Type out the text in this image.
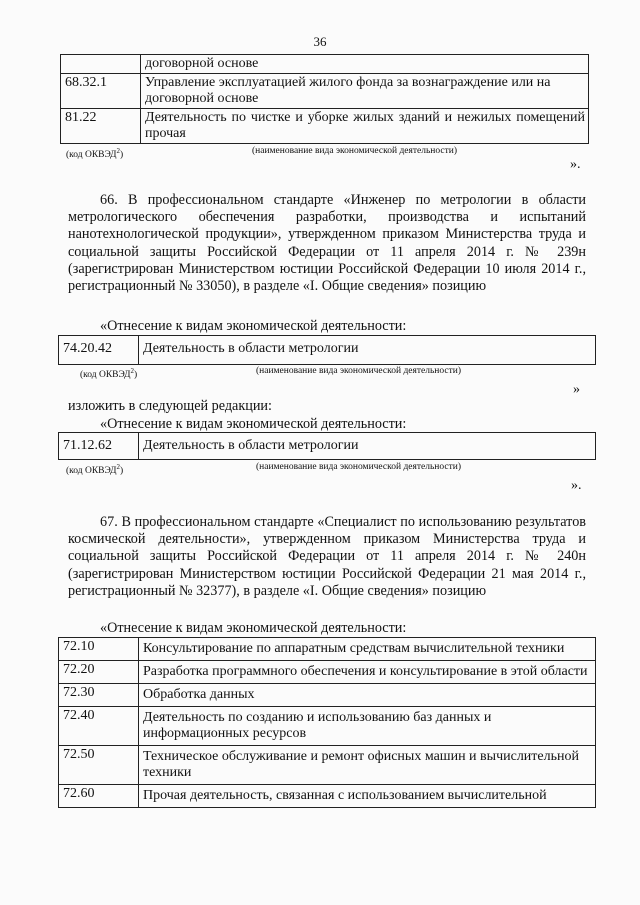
36
	договорной основе
68.32.1	Управление эксплуатацией жилого фонда за вознаграждение или на договорной основе
81.22	Деятельность по чистке и уборке жилых зданий и нежилых помещений прочая
(код ОКВЭД$^2$)	(наименование вида экономической деятельности)
».
66. В профессиональном стандарте «Инженер по метрологии в области метрологического обеспечения разработки, производства и испытаний нанотехнологической продукции», утвержденном приказом Министерства труда и социальной защиты Российской Федерации от 11 апреля 2014 г. № 239н (зарегистрирован Министерством юстиции Российской Федерации 10 июля 2014 г., регистрационный № 33050), в разделе «I. Общие сведения» позицию
«Отнесение к видам экономической деятельности:
74.20.42	Деятельность в области метрологии
(код ОКВЭД$^2$)	(наименование вида экономической деятельности)
»
изложить в следующей редакции:
«Отнесение к видам экономической деятельности:
71.12.62	Деятельность в области метрологии
(код ОКВЭД$^2$)	(наименование вида экономической деятельности)
».
67. В профессиональном стандарте «Специалист по использованию результатов космической деятельности», утвержденном приказом Министерства труда и социальной защиты Российской Федерации от 11 апреля 2014 г. № 240н (зарегистрирован Министерством юстиции Российской Федерации 21 мая 2014 г., регистрационный № 32377), в разделе «I. Общие сведения» позицию
«Отнесение к видам экономической деятельности:
72.10	Консультирование по аппаратным средствам вычислительной техники
72.20	Разработка программного обеспечения и консультирование в этой области
72.30	Обработка данных
72.40	Деятельность по созданию и использованию баз данных и информационных ресурсов
72.50	Техническое обслуживание и ремонт офисных машин и вычислительной техники
72.60	Прочая деятельность, связанная с использованием вычислительной
